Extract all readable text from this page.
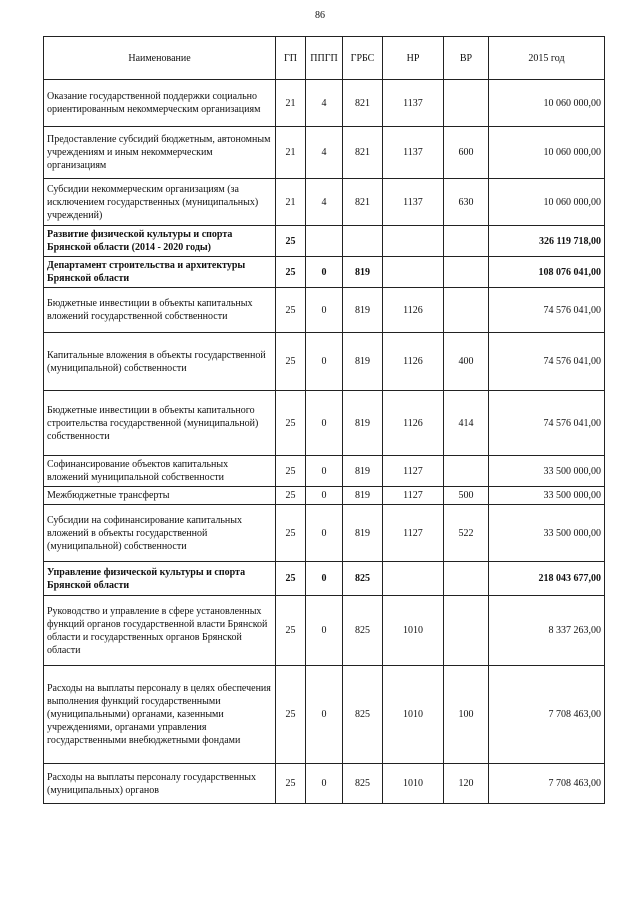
86
Наименование	ГП	ППГП	ГРБС	НР	ВР	2015 год
Оказание государственной поддержки социально ориентированным некоммерческим организациям	21	4	821	1137		10 060 000,00
Предоставление субсидий бюджетным, автономным учреждениям и иным некоммерческим организациям	21	4	821	1137	600	10 060 000,00
Субсидии некоммерческим организациям (за исключением государственных (муниципальных) учреждений)	21	4	821	1137	630	10 060 000,00
Развитие физической культуры и спорта Брянской области (2014 - 2020 годы)	25					326 119 718,00
Департамент строительства и архитектуры Брянской области	25	0	819			108 076 041,00
Бюджетные инвестиции в объекты капитальных вложений государственной собственности	25	0	819	1126		74 576 041,00
Капитальные вложения в объекты государственной (муниципальной) собственности	25	0	819	1126	400	74 576 041,00
Бюджетные инвестиции в объекты капитального строительства государственной (муниципальной) собственности	25	0	819	1126	414	74 576 041,00
Софинансирование объектов капитальных вложений муниципальной собственности	25	0	819	1127		33 500 000,00
Межбюджетные трансферты	25	0	819	1127	500	33 500 000,00
Субсидии на софинансирование капитальных вложений в объекты государственной (муниципальной) собственности	25	0	819	1127	522	33 500 000,00
Управление физической культуры и спорта Брянской области	25	0	825			218 043 677,00
Руководство и управление в сфере установленных функций органов государственной власти Брянской области и государственных органов Брянской области	25	0	825	1010		8 337 263,00
Расходы на выплаты персоналу в целях обеспечения выполнения функций государственными (муниципальными) органами, казенными учреждениями, органами управления государственными внебюджетными фондами	25	0	825	1010	100	7 708 463,00
Расходы на выплаты персоналу государственных (муниципальных) органов	25	0	825	1010	120	7 708 463,00
